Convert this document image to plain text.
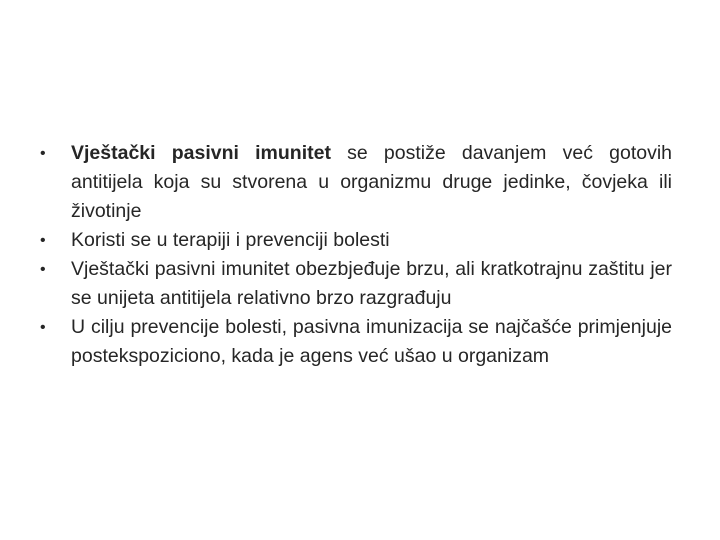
• Vještački pasivni imunitet se postiže davanjem već gotovih antitijela koja su stvorena u organizmu druge jedinke, čovjeka ili životinje
• Koristi se u terapiji i prevenciji bolesti
• Vještački pasivni imunitet obezbjeđuje brzu, ali kratkotrajnu zaštitu jer se unijeta antitijela relativno brzo razgrađuju
• U cilju prevencije bolesti, pasivna imunizacija se najčašće primjenjuje postekspoziciono, kada je agens već ušao u organizam
